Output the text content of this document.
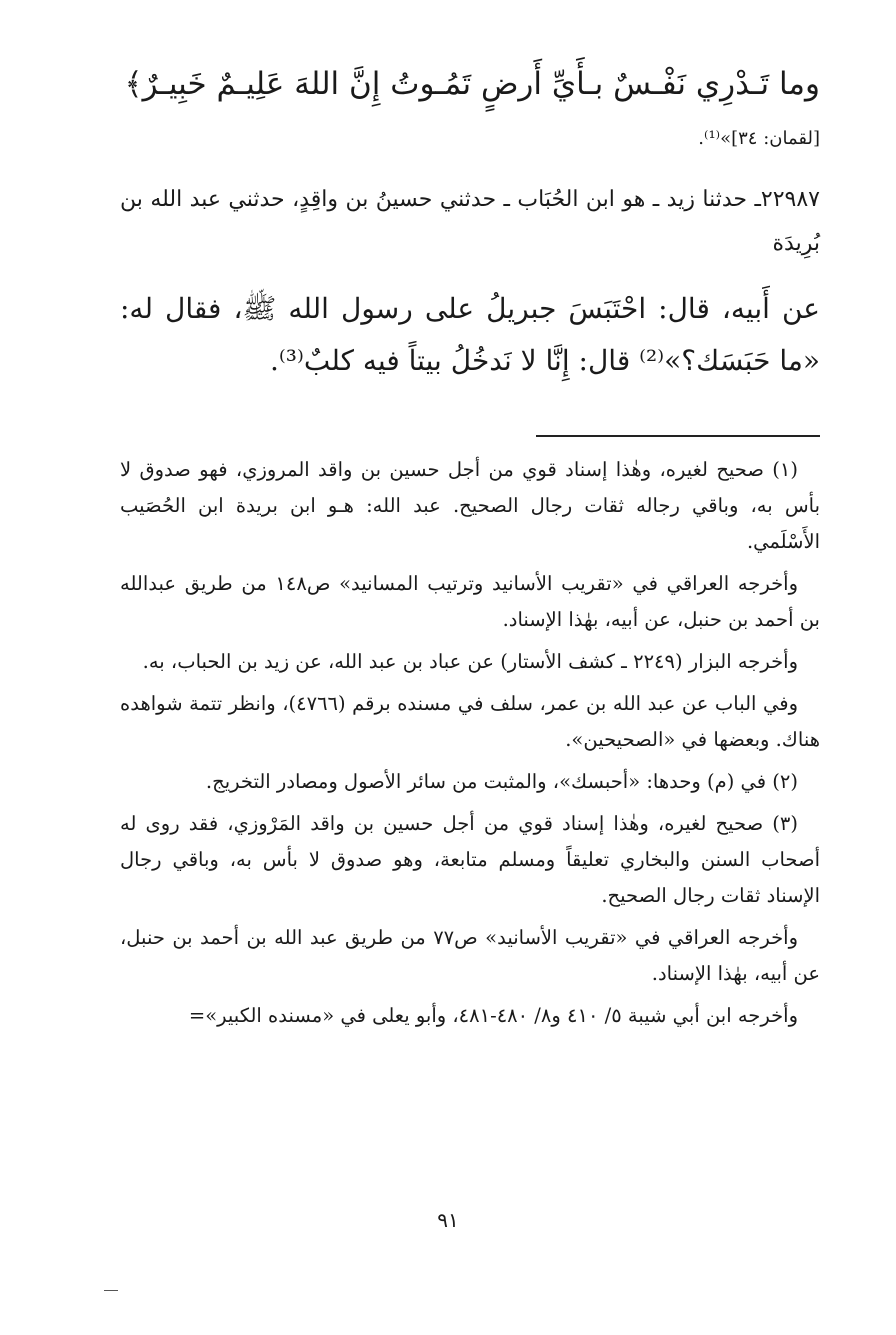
وما تَـدْرِي نَفْـسٌ بـأَيِّ أَرضٍ تَمُـوتُ إِنَّ اللهَ عَلِيـمٌ خَبِيـرٌ﴾

[لقمان: ٣٤]»⁽¹⁾.

٢٢٩٨٧ـ حدثنا زيد ـ هو ابن الحُبَاب ـ حدثني حسينُ بن واقِدٍ، حدثني عبد الله بن بُرِيدَة

عن أَبيه، قال: احْتَبَسَ جبريلُ على رسول الله ﷺ، فقال له: «ما حَبَسَك؟»⁽²⁾ قال: إِنَّا لا نَدخُلُ بيتاً فيه كلبٌ⁽³⁾.

(١) صحيح لغيره، وهٰذا إسناد قوي من أجل حسين بن واقد المروزي، فهو صدوق لا بأس به، وباقي رجاله ثقات رجال الصحيح. عبد الله: هـو ابن بريدة ابن الحُصَيب الأَسْلَمي.

وأخرجه العراقي في «تقريب الأسانيد وترتيب المسانيد» ص١٤٨ من طريق عبدالله بن أحمد بن حنبل، عن أبيه، بهٰذا الإسناد.

وأخرجه البزار (٢٢٤٩ ـ كشف الأستار) عن عباد بن عبد الله، عن زيد بن الحباب، به.

وفي الباب عن عبد الله بن عمر، سلف في مسنده برقم (٤٧٦٦)، وانظر تتمة شواهده هناك. وبعضها في «الصحيحين».

(٢) في (م) وحدها: «أحبسك»، والمثبت من سائر الأصول ومصادر التخريج.

(٣) صحيح لغيره، وهٰذا إسناد قوي من أجل حسين بن واقد المَرْوزي، فقد روى له أصحاب السنن والبخاري تعليقاً ومسلم متابعة، وهو صدوق لا بأس به، وباقي رجال الإسناد ثقات رجال الصحيح.

وأخرجه العراقي في «تقريب الأسانيد» ص٧٧ من طريق عبد الله بن أحمد بن حنبل، عن أبيه، بهٰذا الإسناد.

وأخرجه ابن أبي شيبة ٥/ ٤١٠ و٨/ ٤٨٠-٤٨١، وأبو يعلى في «مسنده الكبير»=

٩١
